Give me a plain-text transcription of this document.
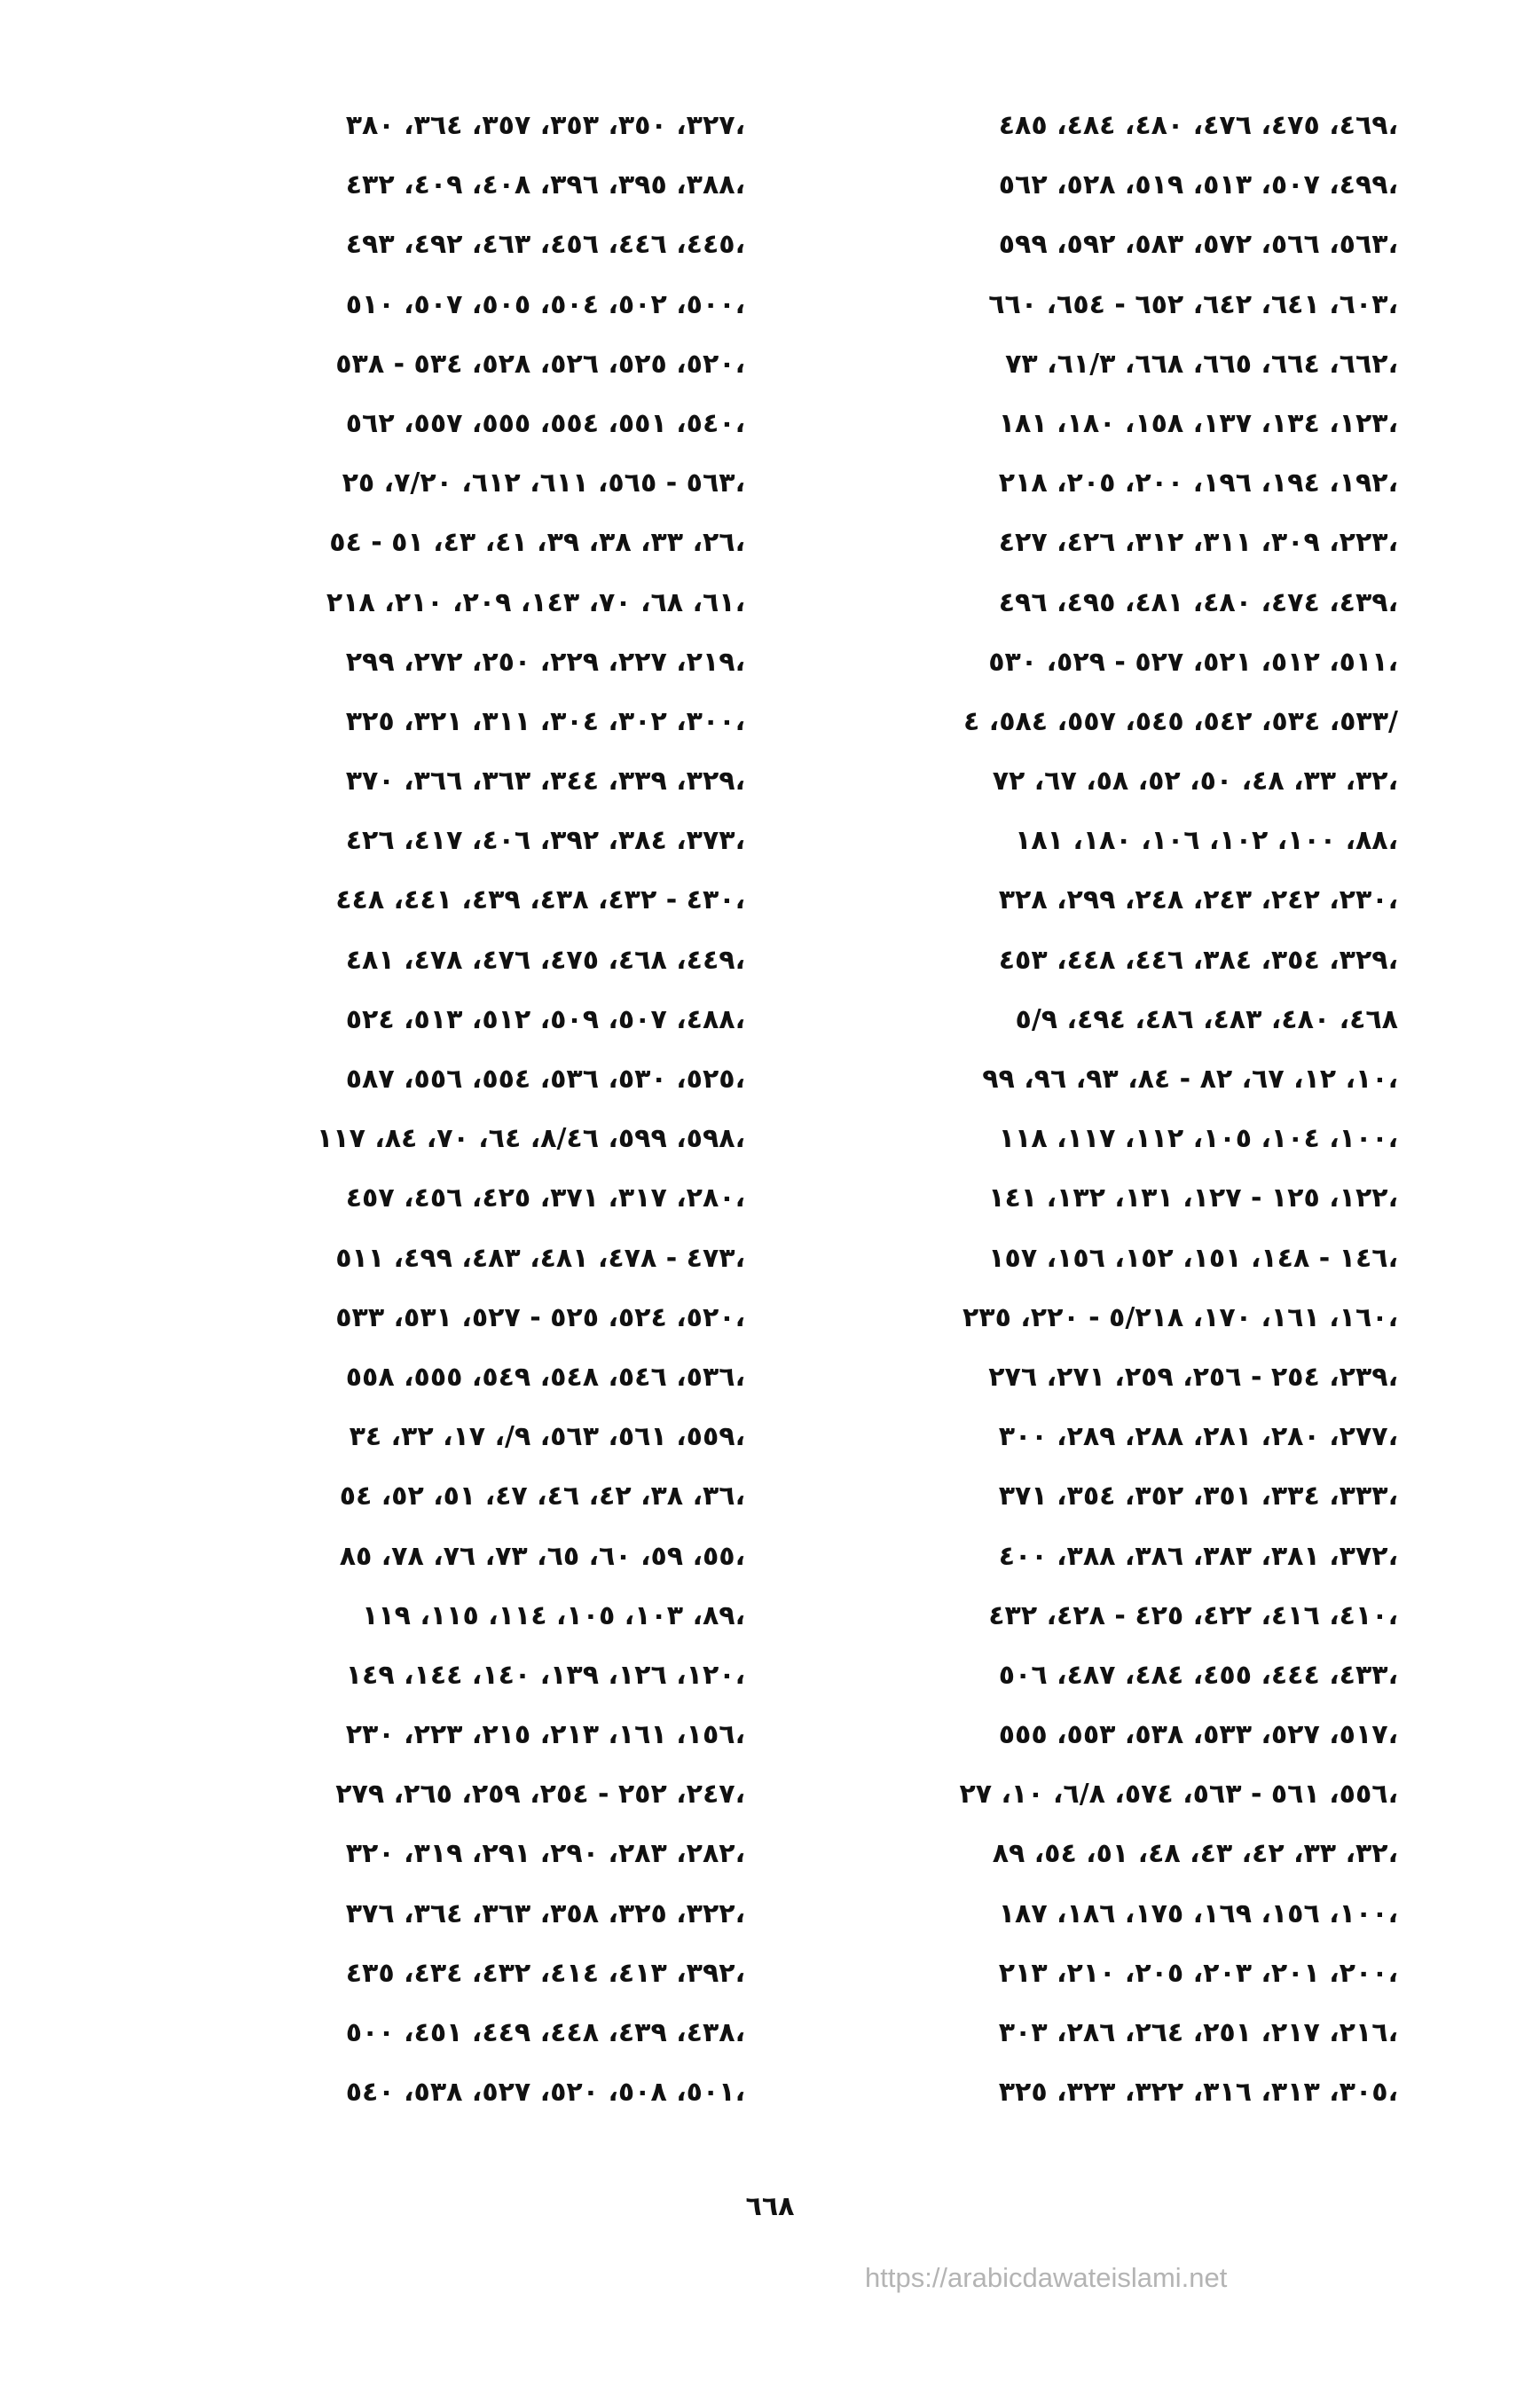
٤٦٩، ٤٧٥، ٤٧٦، ٤٨٠، ٤٨٤، ٤٨٥،
٤٩٩، ٥٠٧، ٥١٣، ٥١٩، ٥٢٨، ٥٦٢،
٥٦٣، ٥٦٦، ٥٧٢، ٥٨٣، ٥٩٢، ٥٩٩،
٦٠٣، ٦٤١، ٦٤٢، ٦٥٢ - ٦٥٤، ٦٦٠،
٦٦٢، ٦٦٤، ٦٦٥، ٦٦٨، ٦١/٣، ٧٣،
١٢٣، ١٣٤، ١٣٧، ١٥٨، ١٨٠، ١٨١،
١٩٢، ١٩٤، ١٩٦، ٢٠٠، ٢٠٥، ٢١٨،
٢٢٣، ٣٠٩، ٣١١، ٣١٢، ٤٢٦، ٤٢٧،
٤٣٩، ٤٧٤، ٤٨٠، ٤٨١، ٤٩٥، ٤٩٦،
٥١١، ٥١٢، ٥٢١، ٥٢٧ - ٥٢٩، ٥٣٠،
٥٣٣، ٥٣٤، ٥٤٢، ٥٤٥، ٥٥٧، ٥٨٤، ٤/
٣٢، ٣٣، ٤٨، ٥٠، ٥٢، ٥٨، ٦٧، ٧٢،
٨٨، ١٠٠، ١٠٢، ١٠٦، ١٨٠، ١٨١،
٢٣٠، ٢٤٢، ٢٤٣، ٢٤٨، ٢٩٩، ٣٢٨،
٣٢٩، ٣٥٤، ٣٨٤، ٤٤٦، ٤٤٨، ٤٥٣،
٤٦٨، ٤٨٠، ٤٨٣، ٤٨٦، ٤٩٤، ٥/٩
١٠، ١٢، ٦٧، ٨٢ - ٨٤، ٩٣، ٩٦، ٩٩،
١٠٠، ١٠٤، ١٠٥، ١١٢، ١١٧، ١١٨،
١٢٢، ١٢٥ - ١٢٧، ١٣١، ١٣٢، ١٤١،
١٤٦ - ١٤٨، ١٥١، ١٥٢، ١٥٦، ١٥٧،
١٦٠، ١٦١، ١٧٠، ٥/٢١٨ - ٢٢٠، ٢٣٥،
٢٣٩، ٢٥٤ - ٢٥٦، ٢٥٩، ٢٧١، ٢٧٦،
٢٧٧، ٢٨٠، ٢٨١، ٢٨٨، ٢٨٩، ٣٠٠،
٣٣٣، ٣٣٤، ٣٥١، ٣٥٢، ٣٥٤، ٣٧١،
٣٧٢، ٣٨١، ٣٨٣، ٣٨٦، ٣٨٨، ٤٠٠،
٤١٠، ٤١٦، ٤٢٢، ٤٢٥ - ٤٢٨، ٤٣٢،
٤٣٣، ٤٤٤، ٤٥٥، ٤٨٤، ٤٨٧، ٥٠٦،
٥١٧، ٥٢٧، ٥٣٣، ٥٣٨، ٥٥٣، ٥٥٥،
٥٥٦، ٥٦١ - ٥٦٣، ٥٧٤، ٦/٨، ١٠، ٢٧،
٣٢، ٣٣، ٤٢، ٤٣، ٤٨، ٥١، ٥٤، ٨٩،
١٠٠، ١٥٦، ١٦٩، ١٧٥، ١٨٦، ١٨٧،
٢٠٠، ٢٠١، ٢٠٣، ٢٠٥، ٢١٠، ٢١٣،
٢١٦، ٢١٧، ٢٥١، ٢٦٤، ٢٨٦، ٣٠٣،
٣٠٥، ٣١٣، ٣١٦، ٣٢٢، ٣٢٣، ٣٢٥،
٣٢٧، ٣٥٠، ٣٥٣، ٣٥٧، ٣٦٤، ٣٨٠،
٣٨٨، ٣٩٥، ٣٩٦، ٤٠٨، ٤٠٩، ٤٣٢،
٤٤٥، ٤٤٦، ٤٥٦، ٤٦٣، ٤٩٢، ٤٩٣،
٥٠٠، ٥٠٢، ٥٠٤، ٥٠٥، ٥٠٧، ٥١٠،
٥٢٠، ٥٢٥، ٥٢٦، ٥٢٨، ٥٣٤ - ٥٣٨،
٥٤٠، ٥٥١، ٥٥٤، ٥٥٥، ٥٥٧، ٥٦٢،
٥٦٣ - ٥٦٥، ٦١١، ٦١٢، ٧/٢٠، ٢٥،
٢٦، ٣٣، ٣٨، ٣٩، ٤١، ٤٣، ٥١ - ٥٤،
٦١، ٦٨، ٧٠، ١٤٣، ٢٠٩، ٢١٠، ٢١٨،
٢١٩، ٢٢٧، ٢٢٩، ٢٥٠، ٢٧٢، ٢٩٩،
٣٠٠، ٣٠٢، ٣٠٤، ٣١١، ٣٢١، ٣٢٥،
٣٢٩، ٣٣٩، ٣٤٤، ٣٦٣، ٣٦٦، ٣٧٠،
٣٧٣، ٣٨٤، ٣٩٢، ٤٠٦، ٤١٧، ٤٢٦،
٤٣٠ - ٤٣٢، ٤٣٨، ٤٣٩، ٤٤١، ٤٤٨،
٤٤٩، ٤٦٨، ٤٧٥، ٤٧٦، ٤٧٨، ٤٨١،
٤٨٨، ٥٠٧، ٥٠٩، ٥١٢، ٥١٣، ٥٢٤،
٥٢٥، ٥٣٠، ٥٣٦، ٥٥٤، ٥٥٦، ٥٨٧،
٥٩٨، ٥٩٩، ٨/٤٦، ٦٤، ٧٠، ٨٤، ١١٧،
٢٨٠، ٣١٧، ٣٧١، ٤٢٥، ٤٥٦، ٤٥٧،
٤٧٣ - ٤٧٨، ٤٨١، ٤٨٣، ٤٩٩، ٥١١،
٥٢٠، ٥٢٤، ٥٢٥ - ٥٢٧، ٥٣١، ٥٣٣،
٥٣٦، ٥٤٦، ٥٤٨، ٥٤٩، ٥٥٥، ٥٥٨،
٥٥٩، ٥٦١، ٥٦٣، ٩/، ١٧، ٣٢، ٣٤،
٣٦، ٣٨، ٤٢، ٤٦، ٤٧، ٥١، ٥٢، ٥٤،
٥٥، ٥٩، ٦٠، ٦٥، ٧٣، ٧٦، ٧٨، ٨٥،
٨٩، ١٠٣، ١٠٥، ١١٤، ١١٥، ١١٩،
١٢٠، ١٢٦، ١٣٩، ١٤٠، ١٤٤، ١٤٩،
١٥٦، ١٦١، ٢١٣، ٢١٥، ٢٢٣، ٢٣٠،
٢٤٧، ٢٥٢ - ٢٥٤، ٢٥٩، ٢٦٥، ٢٧٩،
٢٨٢، ٢٨٣، ٢٩٠، ٢٩١، ٣١٩، ٣٢٠،
٣٢٢، ٣٢٥، ٣٥٨، ٣٦٣، ٣٦٤، ٣٧٦،
٣٩٢، ٤١٣، ٤١٤، ٤٣٢، ٤٣٤، ٤٣٥،
٤٣٨، ٤٣٩، ٤٤٨، ٤٤٩، ٤٥١، ٥٠٠،
٥٠١، ٥٠٨، ٥٢٠، ٥٢٧، ٥٣٨، ٥٤٠،
٦٦٨
https://arabicdawateislami.net
